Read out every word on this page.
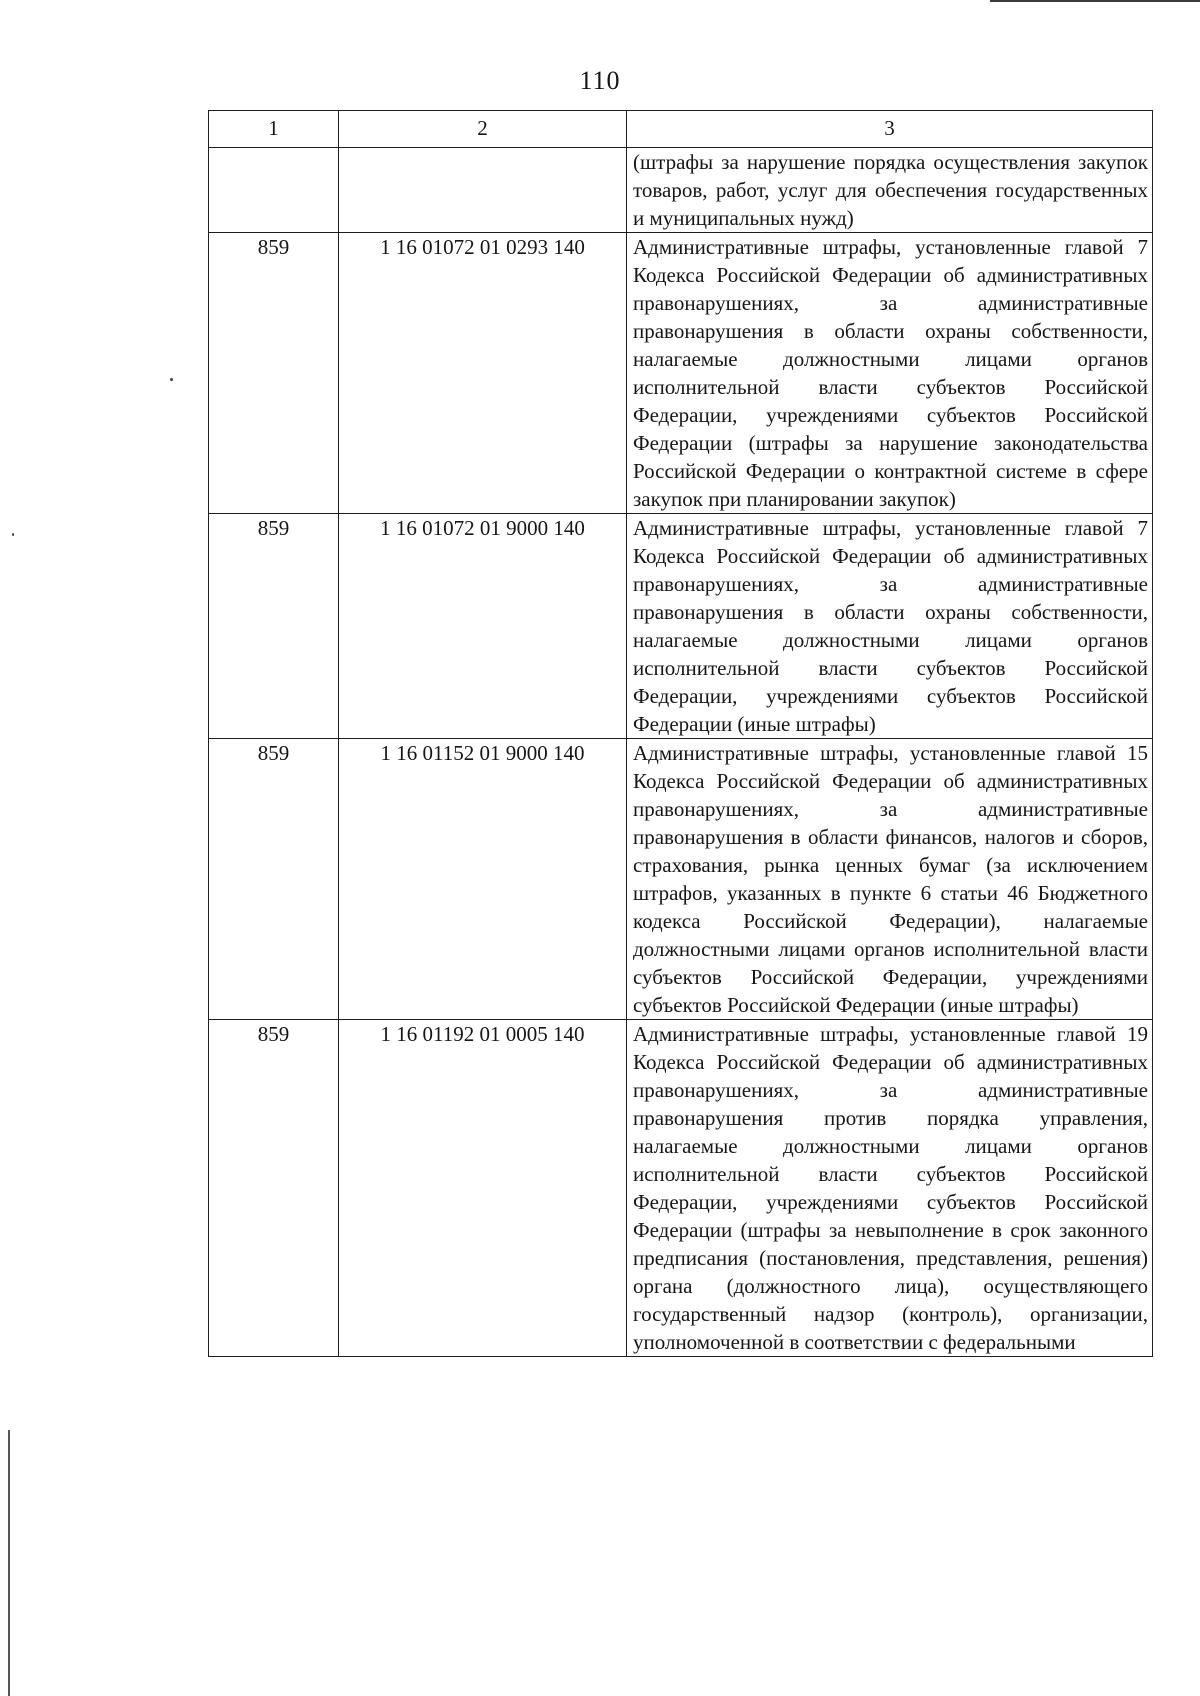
110
1	2	3

		(штрафы за нарушение порядка осуществления закупок товаров, работ, услуг для обеспечения государственных и муниципальных нужд)

859	1 16 01072 01 0293 140	Административные штрафы, установленные главой 7 Кодекса Российской Федерации об административных правонарушениях, за административные правонарушения в области охраны собственности, налагаемые должностными лицами органов исполнительной власти субъектов Российской Федерации, учреждениями субъектов Российской Федерации (штрафы за нарушение законодательства Российской Федерации о контрактной системе в сфере закупок при планировании закупок)

859	1 16 01072 01 9000 140	Административные штрафы, установленные главой 7 Кодекса Российской Федерации об административных правонарушениях, за административные правонарушения в области охраны собственности, налагаемые должностными лицами органов исполнительной власти субъектов Российской Федерации, учреждениями субъектов Российской Федерации (иные штрафы)

859	1 16 01152 01 9000 140	Административные штрафы, установленные главой 15 Кодекса Российской Федерации об административных правонарушениях, за административные правонарушения в области финансов, налогов и сборов, страхования, рынка ценных бумаг (за исключением штрафов, указанных в пункте 6 статьи 46 Бюджетного кодекса Российской Федерации), налагаемые должностными лицами органов исполнительной власти субъектов Российской Федерации, учреждениями субъектов Российской Федерации (иные штрафы)

859	1 16 01192 01 0005 140	Административные штрафы, установленные главой 19 Кодекса Российской Федерации об административных правонарушениях, за административные правонарушения против порядка управления, налагаемые должностными лицами органов исполнительной власти субъектов Российской Федерации, учреждениями субъектов Российской Федерации (штрафы за невыполнение в срок законного предписания (постановления, представления, решения) органа (должностного лица), осуществляющего государственный надзор (контроль), организации, уполномоченной в соответствии с федеральными
